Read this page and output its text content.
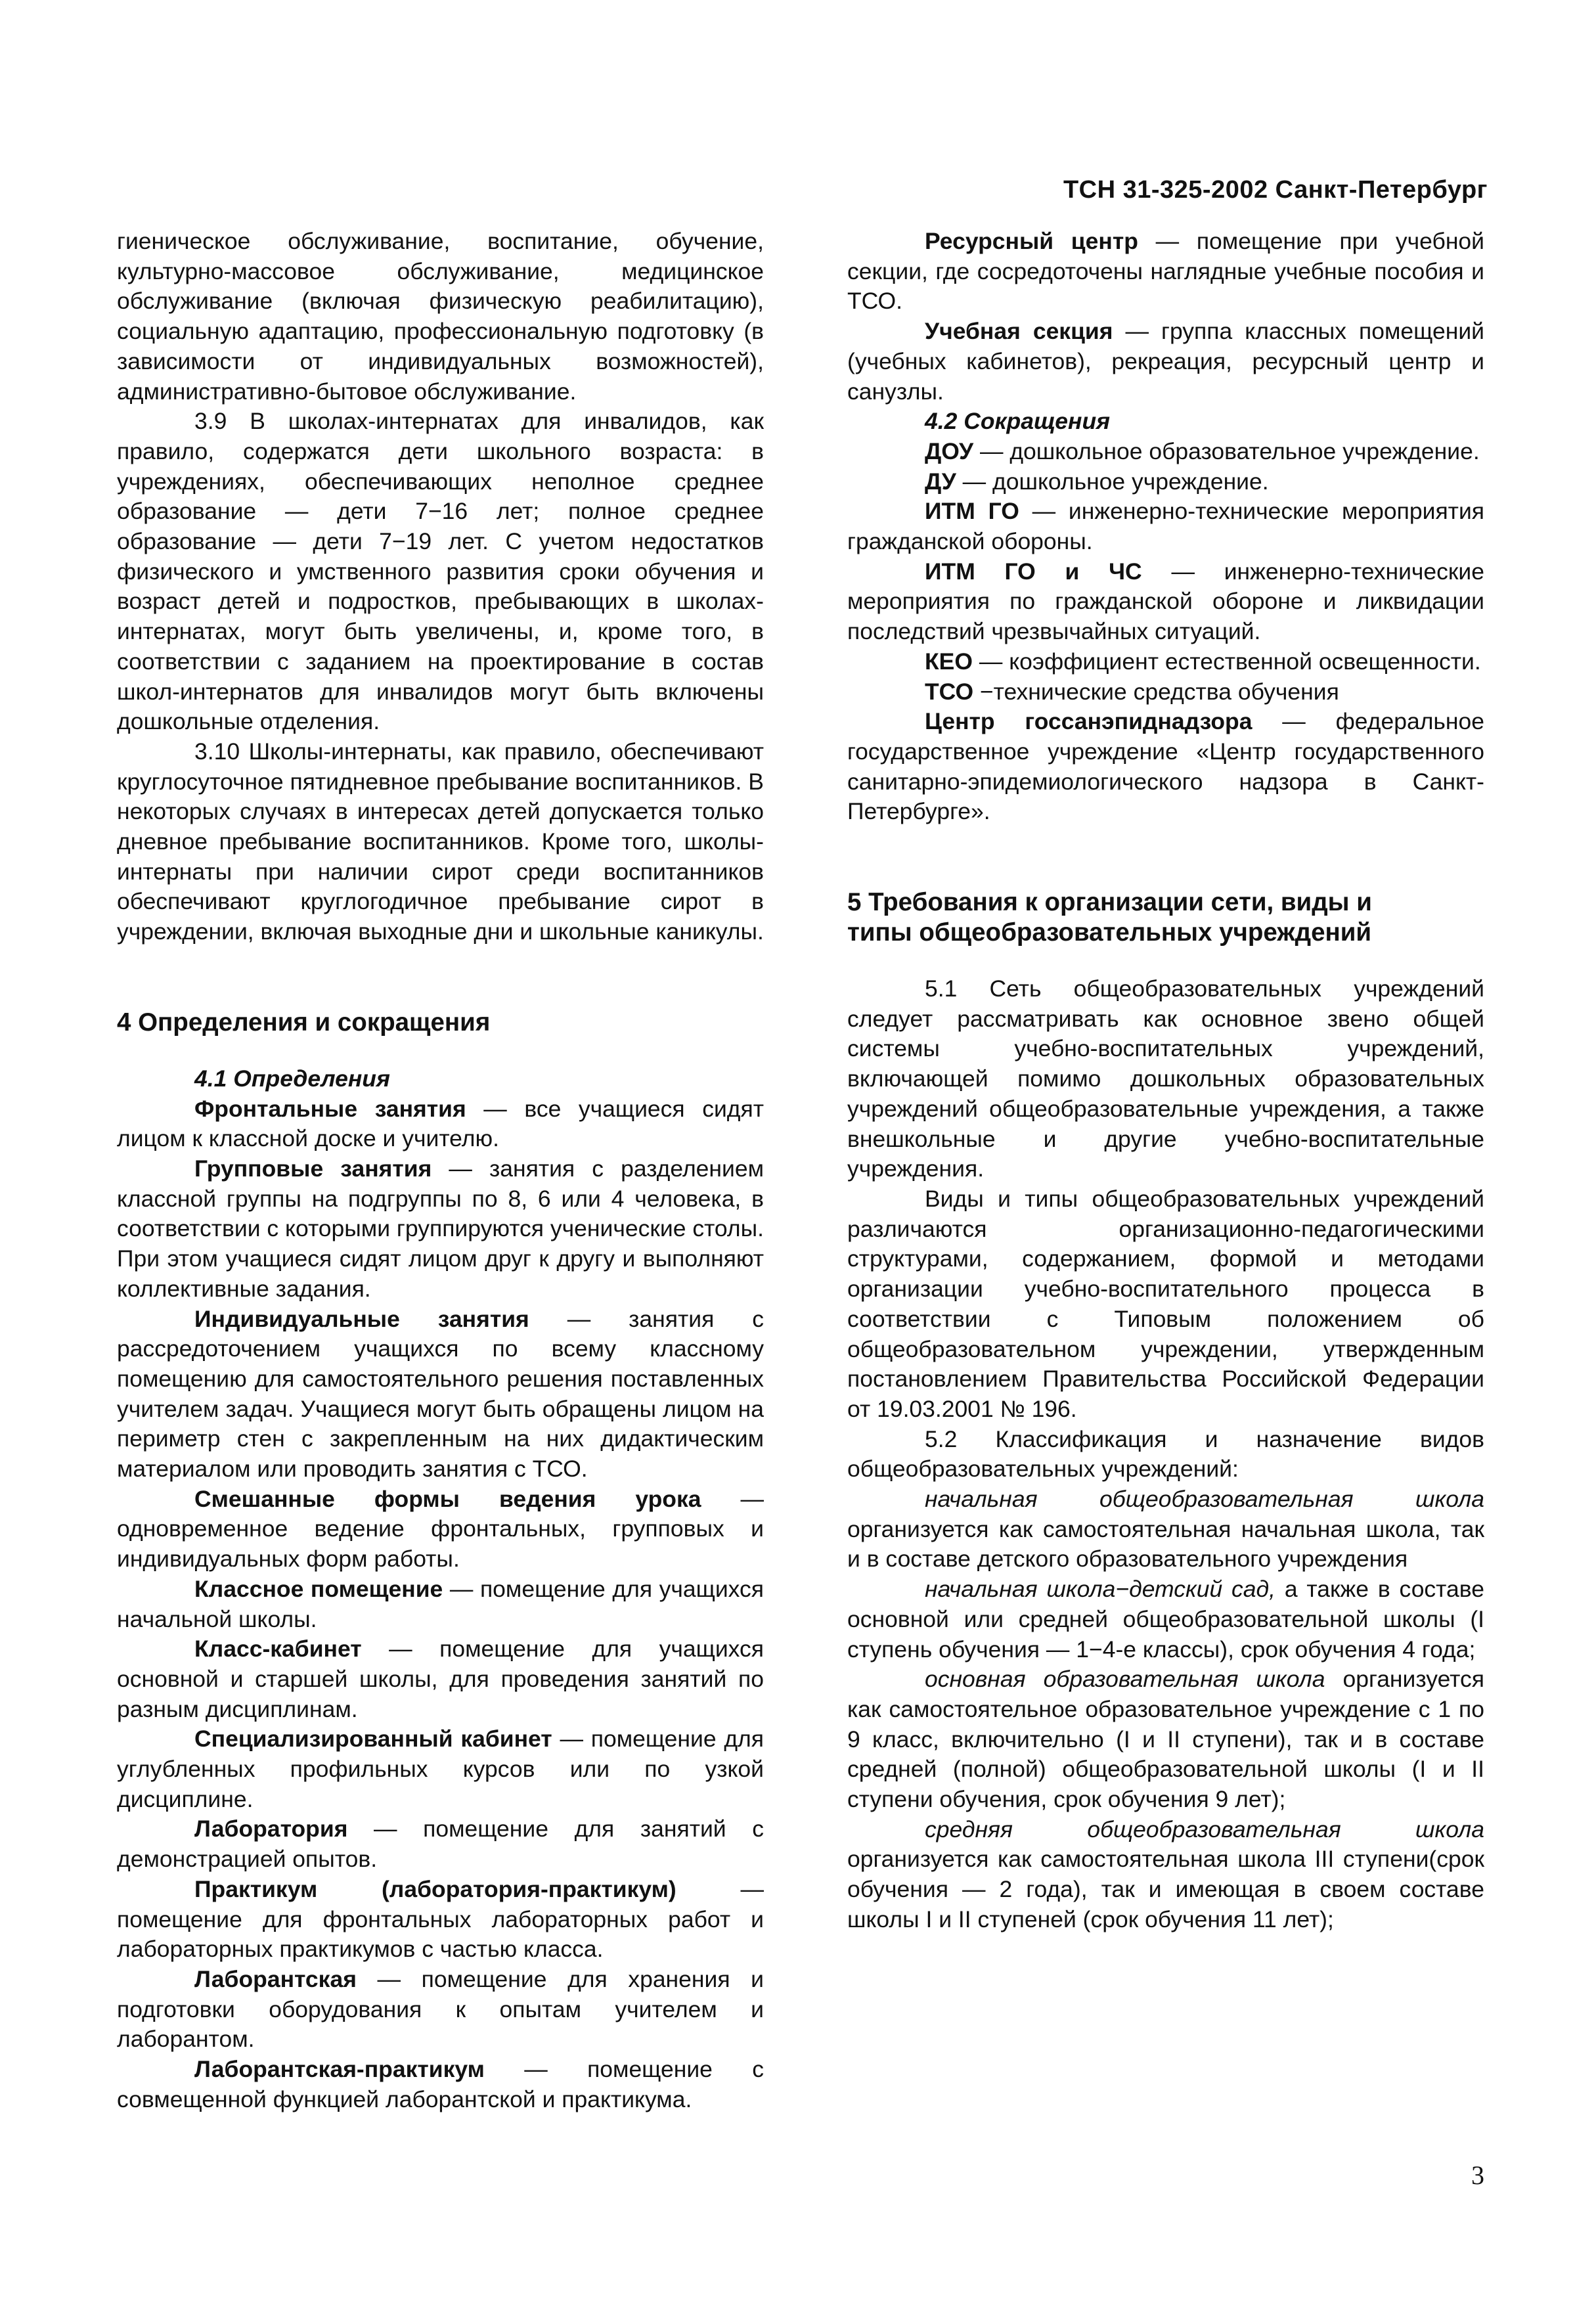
ТСН 31-325-2002 Санкт-Петербург

гиеническое обслуживание, воспитание, обучение, культурно-массовое обслуживание, медицинское обслуживание (включая физическую реабилитацию), социальную адаптацию, профессиональную подготовку (в зависимости от индивидуальных возможностей), административно-бытовое обслуживание.

3.9 В школах-интернатах для инвалидов, как правило, содержатся дети школьного возраста: в учреждениях, обеспечивающих неполное среднее образование — дети 7−16 лет; полное среднее образование — дети 7−19 лет. С учетом недостатков физического и умственного развития сроки обучения и возраст детей и подростков, пребывающих в школах-интернатах, могут быть увеличены, и, кроме того, в соответствии с заданием на проектирование в состав школ-интернатов для инвалидов могут быть включены дошкольные отделения.

3.10 Школы-интернаты, как правило, обеспечивают круглосуточное пятидневное пребывание воспитанников. В некоторых случаях в интересах детей допускается только дневное пребывание воспитанников. Кроме того, школы-интернаты при наличии сирот среди воспитанников обеспечивают круглогодичное пребывание сирот в учреждении, включая выходные дни и школьные каникулы.

4 Определения и сокращения
4.1 Определения

Фронтальные занятия — все учащиеся сидят лицом к классной доске и учителю.

Групповые занятия — занятия с разделением классной группы на подгруппы по 8, 6 или 4 человека, в соответствии с которыми группируются ученические столы. При этом учащиеся сидят лицом друг к другу и выполняют коллективные задания.

Индивидуальные занятия — занятия с рассредоточением учащихся по всему классному помещению для самостоятельного решения поставленных учителем задач. Учащиеся могут быть обращены лицом на периметр стен с закрепленным на них дидактическим материалом или проводить занятия с ТСО.

Смешанные формы ведения урока — одновременное ведение фронтальных, групповых и индивидуальных форм работы.

Классное помещение — помещение для учащихся начальной школы.

Класс-кабинет — помещение для учащихся основной и старшей школы, для проведения занятий по разным дисциплинам.

Специализированный кабинет — помещение для углубленных профильных курсов или по узкой дисциплине.

Лаборатория — помещение для занятий с демонстрацией опытов.

Практикум (лаборатория-практикум) — помещение для фронтальных лабораторных работ и лабораторных практикумов с частью класса.

Лаборантская — помещение для хранения и подготовки оборудования к опытам учителем и лаборантом.

Лаборантская-практикум — помещение с совмещенной функцией лаборантской и практикума.

Ресурсный центр — помещение при учебной секции, где сосредоточены наглядные учебные пособия и ТСО.

Учебная секция — группа классных помещений (учебных кабинетов), рекреация, ресурсный центр и санузлы.

4.2 Сокращения

ДОУ — дошкольное образовательное учреждение.

ДУ — дошкольное учреждение.

ИТМ ГО — инженерно-технические мероприятия гражданской обороны.

ИТМ ГО и ЧС — инженерно-технические мероприятия по гражданской обороне и ликвидации последствий чрезвычайных ситуаций.

КЕО — коэффициент естественной освещенности.

ТСО −технические средства обучения

Центр госсанэпиднадзора — федеральное государственное учреждение «Центр государственного санитарно-эпидемиологического надзора в Санкт-Петербурге».

5 Требования к организации сети, виды и типы общеобразовательных учреждений

5.1 Сеть общеобразовательных учреждений следует рассматривать как основное звено общей системы учебно-воспитательных учреждений, включающей помимо дошкольных образовательных учреждений общеобразовательные учреждения, а также внешкольные и другие учебно-воспитательные учреждения.

Виды и типы общеобразовательных учреждений различаются организационно-педагогическими структурами, содержанием, формой и методами организации учебно-воспитательного процесса в соответствии с Типовым положением об общеобразовательном учреждении, утвержденным постановлением Правительства Российской Федерации от 19.03.2001 № 196.

5.2 Классификация и назначение видов общеобразовательных учреждений:

начальная общеобразовательная школа организуется как самостоятельная начальная школа, так и в составе детского образовательного учреждения

начальная школа−детский сад, а также в составе основной или средней общеобразовательной школы (I ступень обучения — 1−4-е классы), срок обучения 4 года;

основная образовательная школа организуется как самостоятельное образовательное учреждение с 1 по 9 класс, включительно (I и II ступени), так и в составе средней (полной) общеобразовательной школы (I и II ступени обучения, срок обучения 9 лет);

средняя общеобразовательная школа организуется как самостоятельная школа III ступени(срок обучения — 2 года), так и имеющая в своем составе школы I и II ступеней (срок обучения 11 лет);

3
